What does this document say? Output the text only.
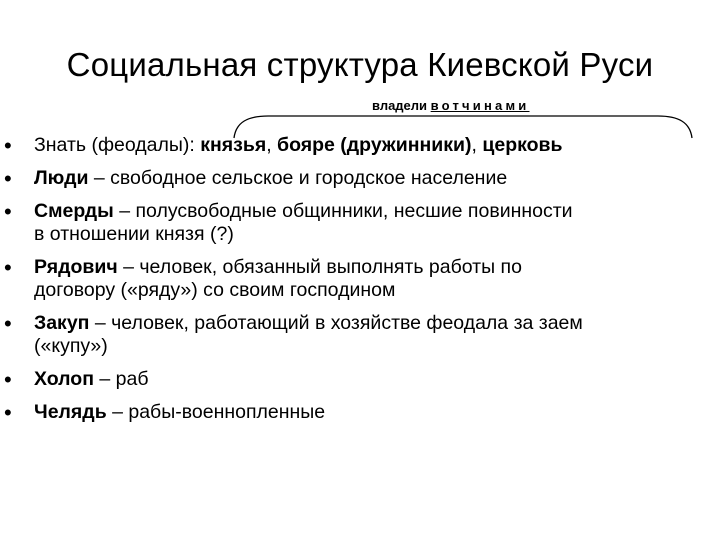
Социальная структура Киевской Руси
владели вотчинами
• Знать (феодалы): князья, бояре (дружинники), церковь
• Люди – свободное сельское и городское население
• Смерды – полусвободные общинники, несшие повинности
в отношении князя (?)
• Рядович – человек, обязанный выполнять работы по
договору («ряду») со своим господином
• Закуп – человек, работающий в хозяйстве феодала за заем
(«купу»)
• Холоп – раб
• Челядь – рабы-военнопленные
